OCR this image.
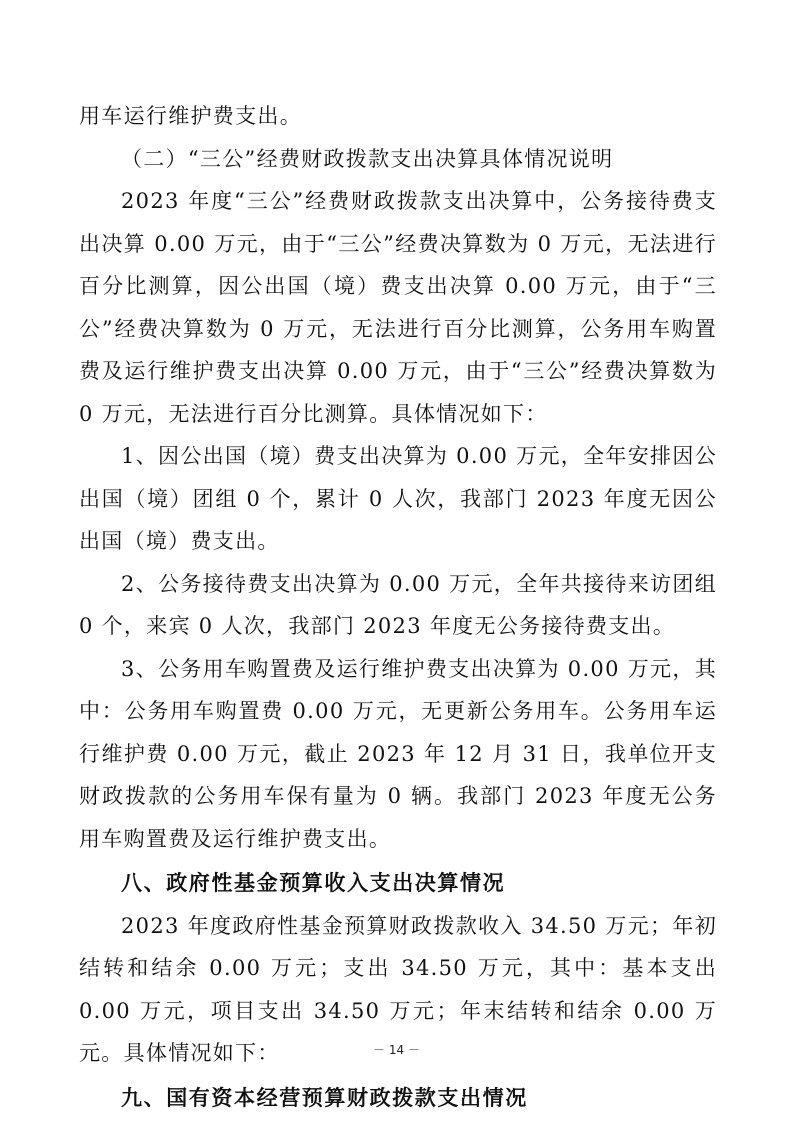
用车运行维护费支出。

（二）“三公”经费财政拨款支出决算具体情况说明

2023 年度“三公”经费财政拨款支出决算中，公务接待费支出决算 0.00 万元，由于“三公”经费决算数为 0 万元，无法进行百分比测算，因公出国（境）费支出决算 0.00 万元，由于“三公”经费决算数为 0 万元，无法进行百分比测算，公务用车购置费及运行维护费支出决算 0.00 万元，由于“三公”经费决算数为 0 万元，无法进行百分比测算。具体情况如下：

1、因公出国（境）费支出决算为 0.00 万元，全年安排因公出国（境）团组 0 个，累计 0 人次，我部门 2023 年度无因公出国（境）费支出。

2、公务接待费支出决算为 0.00 万元，全年共接待来访团组 0 个，来宾 0 人次，我部门 2023 年度无公务接待费支出。

3、公务用车购置费及运行维护费支出决算为 0.00 万元，其中：公务用车购置费 0.00 万元，无更新公务用车。公务用车运行维护费 0.00 万元，截止 2023 年 12 月 31 日，我单位开支财政拨款的公务用车保有量为 0 辆。我部门 2023 年度无公务用车购置费及运行维护费支出。

八、政府性基金预算收入支出决算情况

2023 年度政府性基金预算财政拨款收入 34.50 万元；年初结转和结余 0.00 万元；支出 34.50 万元，其中：基本支出 0.00 万元，项目支出 34.50 万元；年末结转和结余 0.00 万元。具体情况如下：

九、国有资本经营预算财政拨款支出情况

－ 14 －
